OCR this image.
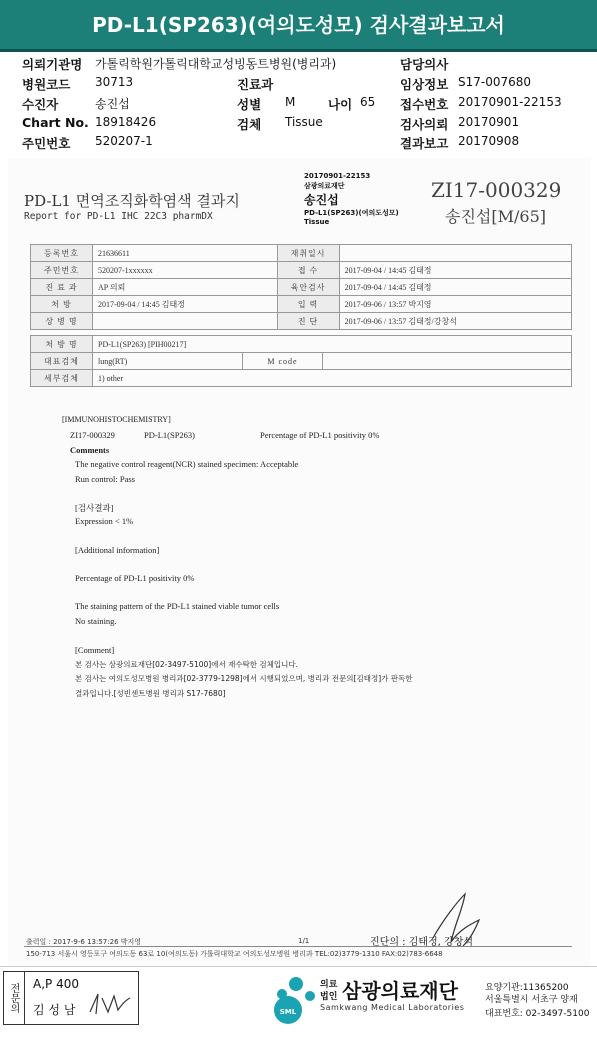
PD-L1(SP263)(여의도성모) 검사결과보고서
의뢰기관명 가톨릭학원가톨릭대학교성빙동트병원(병리과)	담당의사
병원코드 30713	진료과	임상정보 S17-007680
수진자	송진섭	성별 M	나이 65 접수번호 20170901-22153
Chart No. 18918426	검체 Tissue	검사의뢰 20170901
주민번호 520207-1	결과보고 20170908
PD-L1 면역조직화학염색 결과지
Report for PD-L1 IHC 22C3 pharmDX
20170901-22153
삼광의료재단
송진섭
PD-L1(SP263)(여의도성모)
Tissue
ZI17-000329
송진섭[M/65]
등록번호	21636611	재취일시	
주민번호	520207-1xxxxxx	접 수	2017-09-04 / 14:45 김태정
진 료 과	AP 의뢰	육안검사	2017-09-04 / 14:45 김태정
처 방	2017-09-04 / 14:45 김태정	입 력	2017-09-06 / 13:57 박지영
상 병 명		진 단	2017-09-06 / 13:57 김태정/강창석
처 방 명	PD-L1(SP263) [PIH00217]		
대표검체	lung(RT)	M code	
세부검체	1) other		
[IMMUNOHISTOCHEMISTRY]
ZI17-000329	PD-L1(SP263)	Percentage of PD-L1 positivity 0%
Comments
The negative control reagent(NCR) stained specimen: Acceptable
Run control: Pass
[검사결과]
Expression < 1%
[Additional information]
Percentage of PD-L1 positivity 0%
The staining pattern of the PD-L1 stained viable tumor cells
No staining.
[Comment]
본 검사는 삼광의료재단[02-3497-5100]에서 재수탁한 검체입니다.
본 검사는 여의도성모병원 병리과[02-3779-1298]에서 시행되었으며, 병리과 전문의[김태정]가 판독한
결과입니다.[성빈센트병원 병리과 S17-7680]
출력일 : 2017-9-6 13:57:26 박지영	1/1	진단의 : 김태정, 강창석
150-713 서울시 영등포구 여의도동 63로 10(여의도동) 가톨릭대학교 여의도성모병원 병리과 TEL:02)3779-1310 FAX:02)783-6648
전문의	A,P 400
김 성 남	SML
의료
법인 삼광의료재단
Samkwang Medical Laboratories
요양기관:11365200
서울특별시 서초구 양재
대표번호: 02-3497-5100
